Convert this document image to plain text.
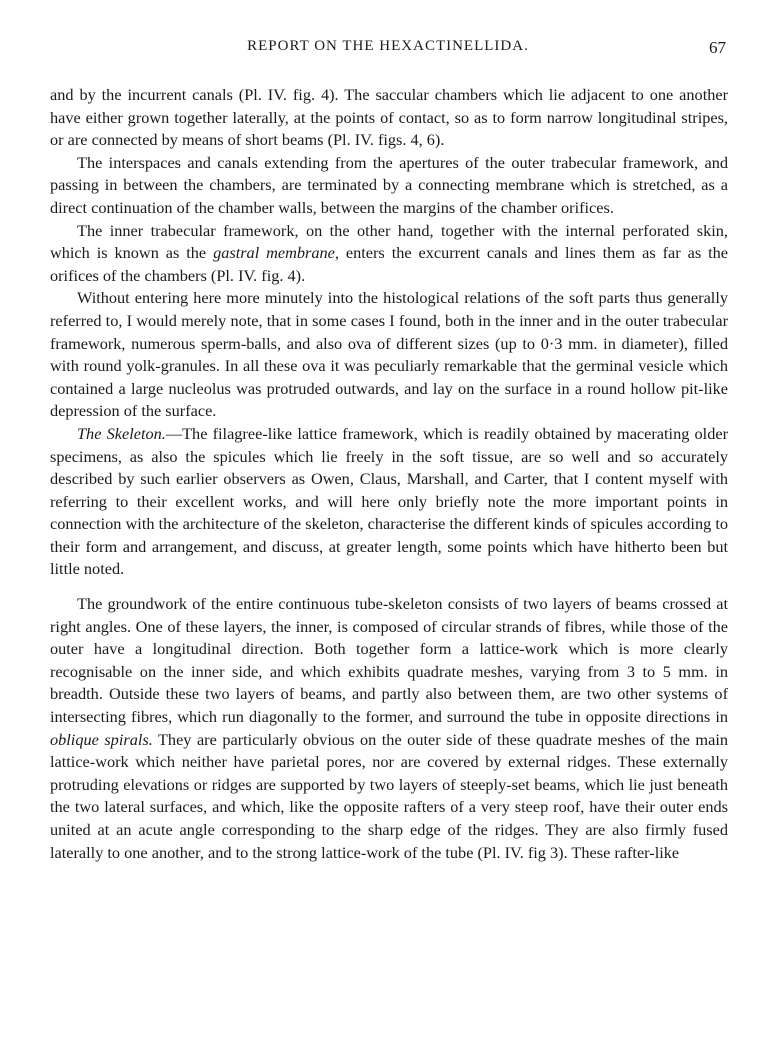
REPORT ON THE HEXACTINELLIDA.	67

and by the incurrent canals (Pl. IV. fig. 4). The saccular chambers which lie adjacent to one another have either grown together laterally, at the points of contact, so as to form narrow longitudinal stripes, or are connected by means of short beams (Pl. IV. figs. 4, 6).

The interspaces and canals extending from the apertures of the outer trabecular framework, and passing in between the chambers, are terminated by a connecting membrane which is stretched, as a direct continuation of the chamber walls, between the margins of the chamber orifices.

The inner trabecular framework, on the other hand, together with the internal perforated skin, which is known as the gastral membrane, enters the excurrent canals and lines them as far as the orifices of the chambers (Pl. IV. fig. 4).

Without entering here more minutely into the histological relations of the soft parts thus generally referred to, I would merely note, that in some cases I found, both in the inner and in the outer trabecular framework, numerous sperm-balls, and also ova of different sizes (up to 0·3 mm. in diameter), filled with round yolk-granules. In all these ova it was peculiarly remarkable that the germinal vesicle which contained a large nucleolus was protruded outwards, and lay on the surface in a round hollow pit-like depression of the surface.

The Skeleton.—The filagree-like lattice framework, which is readily obtained by macerating older specimens, as also the spicules which lie freely in the soft tissue, are so well and so accurately described by such earlier observers as Owen, Claus, Marshall, and Carter, that I content myself with referring to their excellent works, and will here only briefly note the more important points in connection with the architecture of the skeleton, characterise the different kinds of spicules according to their form and arrangement, and discuss, at greater length, some points which have hitherto been but little noted.

The groundwork of the entire continuous tube-skeleton consists of two layers of beams crossed at right angles. One of these layers, the inner, is composed of circular strands of fibres, while those of the outer have a longitudinal direction. Both together form a lattice-work which is more clearly recognisable on the inner side, and which exhibits quadrate meshes, varying from 3 to 5 mm. in breadth. Outside these two layers of beams, and partly also between them, are two other systems of intersecting fibres, which run diagonally to the former, and surround the tube in opposite directions in oblique spirals. They are particularly obvious on the outer side of these quadrate meshes of the main lattice-work which neither have parietal pores, nor are covered by external ridges. These externally protruding elevations or ridges are supported by two layers of steeply-set beams, which lie just beneath the two lateral surfaces, and which, like the opposite rafters of a very steep roof, have their outer ends united at an acute angle corresponding to the sharp edge of the ridges. They are also firmly fused laterally to one another, and to the strong lattice-work of the tube (Pl. IV. fig 3). These rafter-like
